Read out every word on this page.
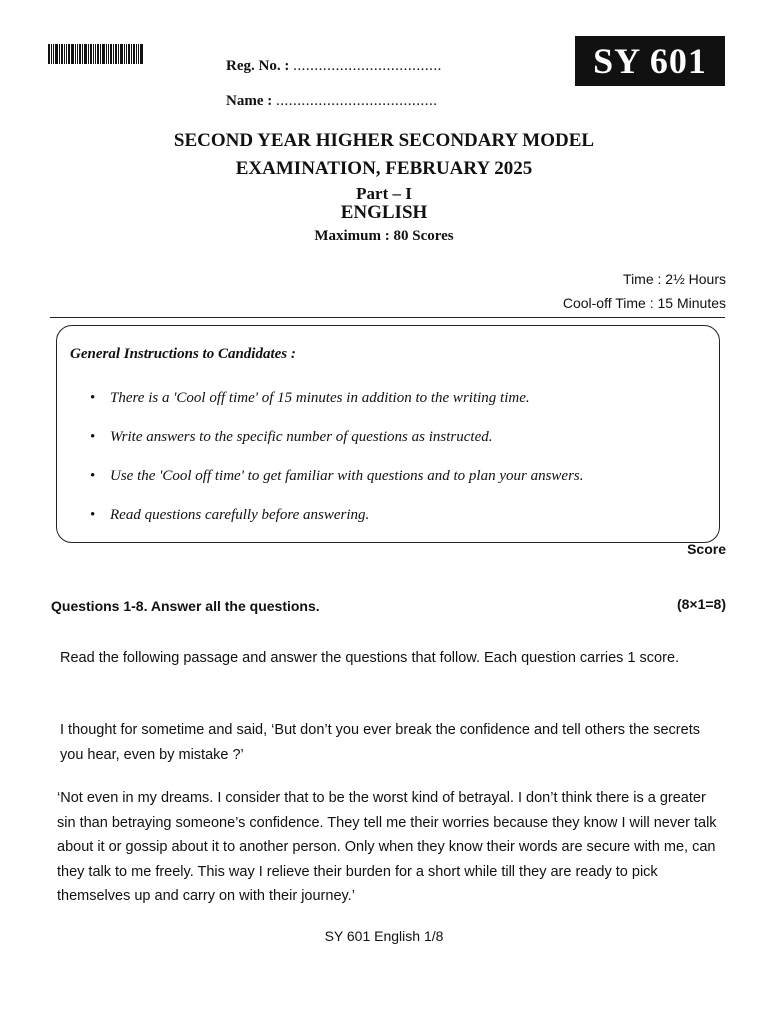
Reg. No. : ...................................
Name : ......................................
SY 601
SECOND YEAR HIGHER SECONDARY MODEL
EXAMINATION, FEBRUARY 2025
Part – I
ENGLISH
Maximum : 80 Scores
Time : 2½ Hours
Cool-off Time : 15 Minutes
General Instructions to Candidates :
• There is a 'Cool off time' of 15 minutes in addition to the writing time.
• Write answers to the specific number of questions as instructed.
• Use the 'Cool off time' to get familiar with questions and to plan your answers.
• Read questions carefully before answering.
Score
Questions 1-8. Answer all the questions.	(8×1=8)
Read the following passage and answer the questions that follow. Each question carries 1 score.
I thought for sometime and said, ‘But don’t you ever break the confidence and tell others the secrets you hear, even by mistake ?’
‘Not even in my dreams. I consider that to be the worst kind of betrayal. I don’t think there is a greater sin than betraying someone’s confidence. They tell me their worries because they know I will never talk about it or gossip about it to another person. Only when they know their words are secure with me, can they talk to me freely. This way I relieve their burden for a short while till they are ready to pick themselves up and carry on with their journey.’
SY 601 English 1/8
